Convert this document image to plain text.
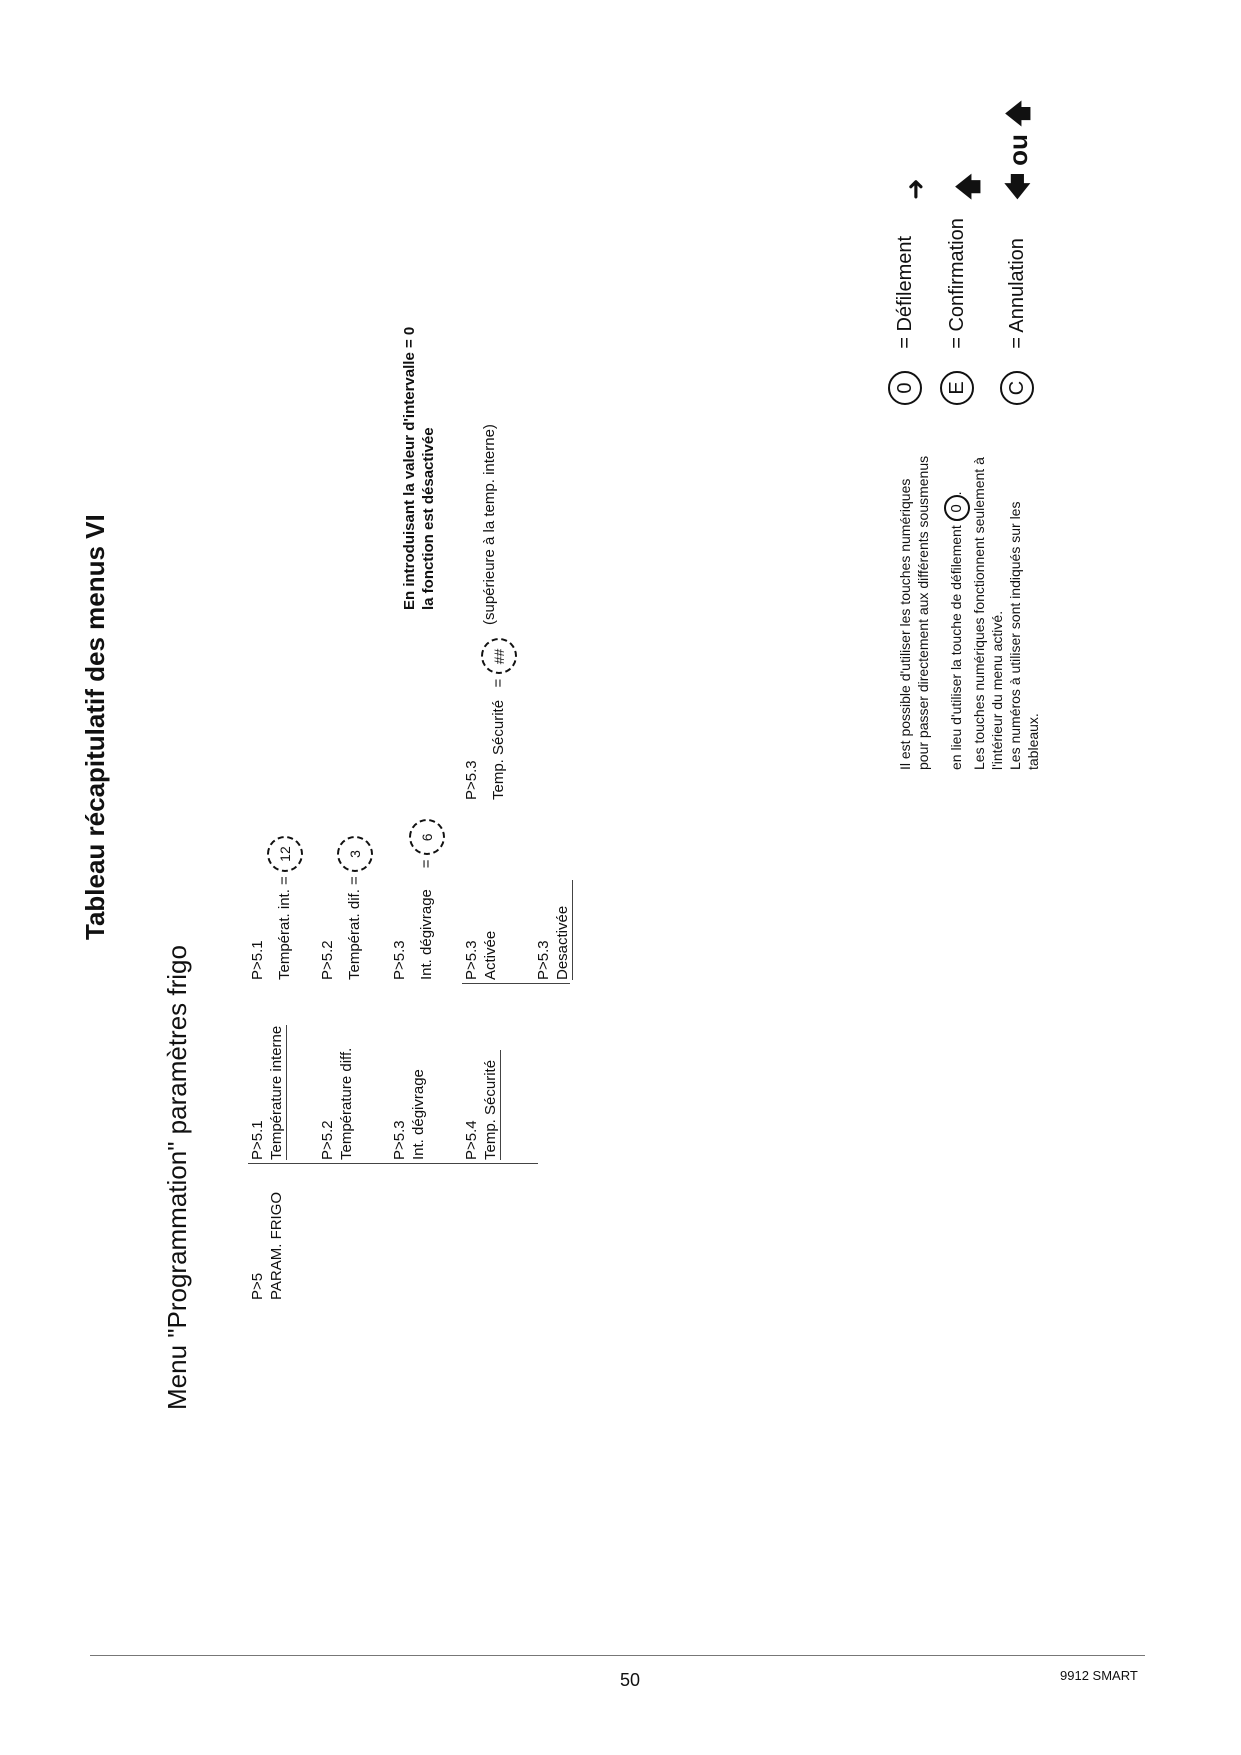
Tableau récapitulatif des menus VI
Menu "Programmation" paramètres frigo	P>5 PARAM. FRIGO
P>5.1 Température interne P>5.2 Température diff. P>5.3 Int. dégivrage P>5.4 Temp. Sécurité
P>5.1 Températ. int. = 12
P>5.2 Températ. dif. = 3
P>5.3 Int. dégivrage     = 6
P>5.3 Activée P>5.3 Desactivée
P>5.3 Temp. Sécurité   = ##
En introduisant la valeur d'intervalle = 0 la fonction est désactivée	(supérieure à la temp. interne)	Il est possible d'utiliser les touches numériques pour passer directement aux différents sousmenus en lieu d'utiliser la touche de défilement 0. Les touches numériques fonctionnent seulement à l'intérieur du menu activé. Les numéros à utiliser sont indiqués sur les tableaux.
0    = Défilement
➜
E    = Confirmation
🡅
C    = Annulation
🡄 ou 🡅
50	9912 SMART
